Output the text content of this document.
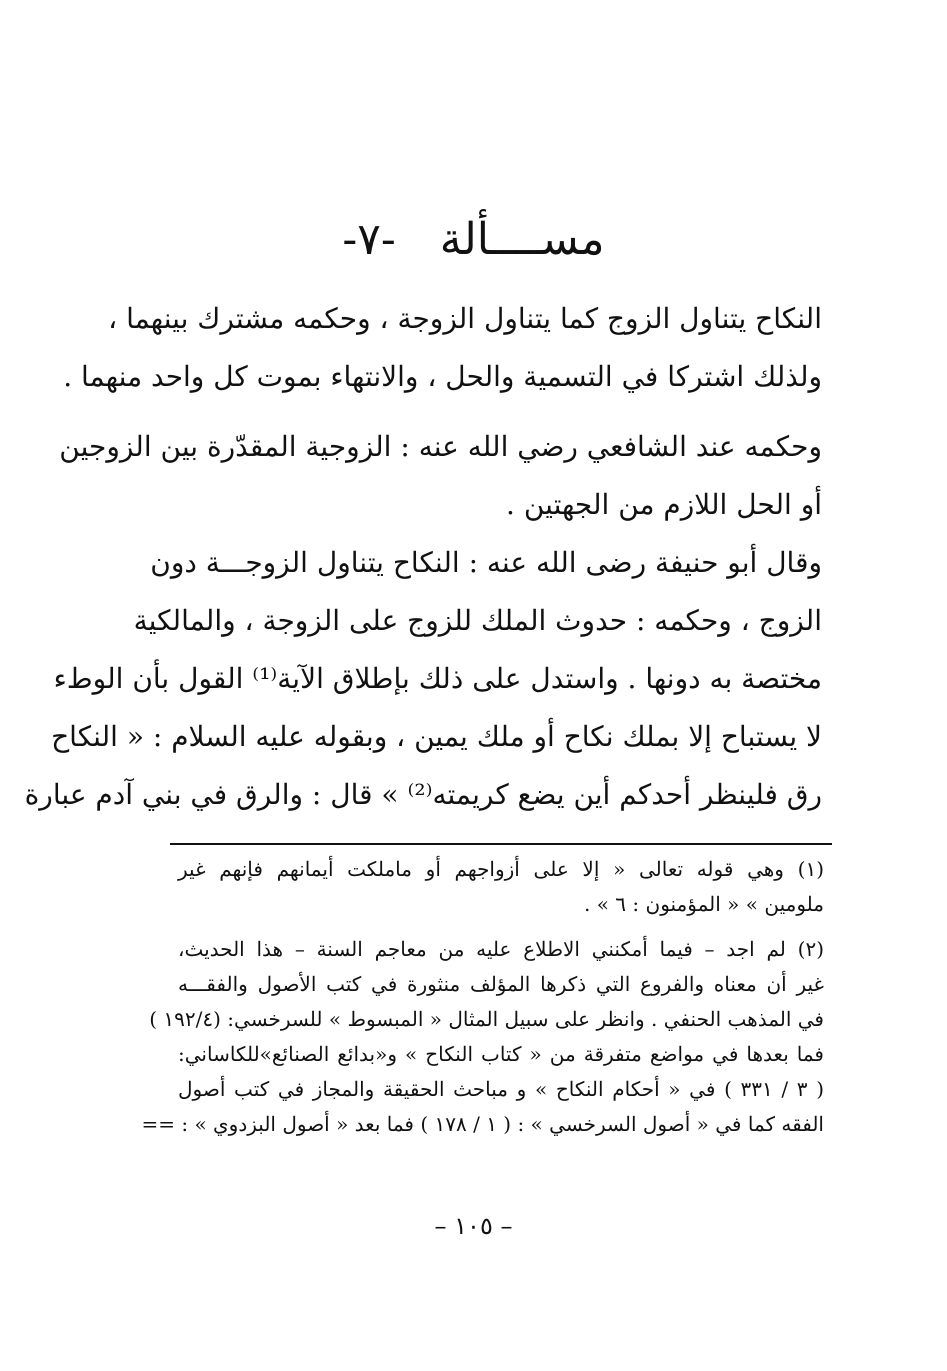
مســــألة -٧-
النكاح يتناول الزوج كما يتناول الزوجة ، وحكمه مشترك بينهما ،
ولذلك اشتركا في التسمية والحل ، والانتهاء بموت كل واحد منهما .
وحكمه عند الشافعي رضي الله عنه : الزوجية المقدّرة بين الزوجين
أو الحل اللازم من الجهتين .
وقال أبو حنيفة رضى الله عنه : النكاح يتناول الزوجـــة دون
الزوج ، وحكمه : حدوث الملك للزوج على الزوجة ، والمالكية
مختصة به دونها . واستدل على ذلك بإطلاق الآية⁽¹⁾ القول بأن الوطء
لا يستباح إلا بملك نكاح أو ملك يمين ، وبقوله عليه السلام : « النكاح
رق فلينظر أحدكم أين يضع كريمته⁽²⁾ » قال : والرق في بني آدم عبارة
(١) وهي قوله تعالى « إلا على أزواجهم أو ماملكت أيمانهم فإنهم غير
ملومين » « المؤمنون : ٦ » .
(٢) لم اجد – فيما أمكنني الاطلاع عليه من معاجم السنة – هذا الحديث،
غير أن معناه والفروع التي ذكرها المؤلف منثورة في كتب الأصول والفقـــه
في المذهب الحنفي . وانظر على سبيل المثال « المبسوط » للسرخسي: (١٩٢/٤ )
فما بعدها في مواضع متفرقة من « كتاب النكاح » و«بدائع الصنائع»للكاساني:
( ٣ / ٣٣١ ) في « أحكام النكاح » و مباحث الحقيقة والمجاز في كتب أصول
الفقه كما في « أصول السرخسي » : ( ١ / ١٧٨ ) فما بعد « أصول البزدوي » : ==
– ١٠٥ –
